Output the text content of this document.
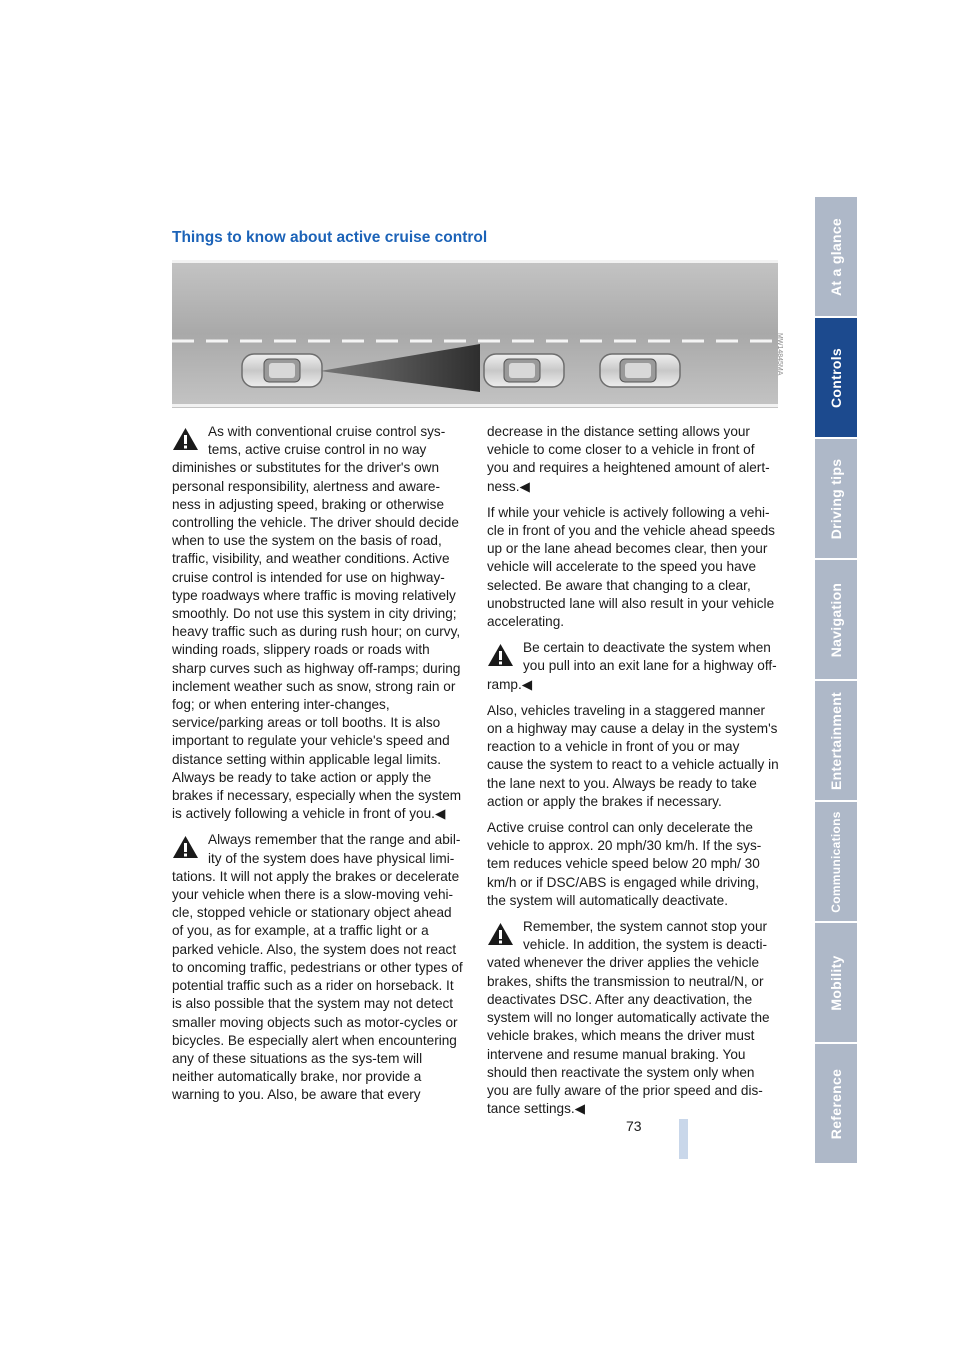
At a glance
Controls
Driving tips
Navigation
Entertainment
Communications
Mobility
Reference
Things to know about active cruise control
MW14845MA
As with conventional cruise control sys-tems, active cruise control in no way diminishes or substitutes for the driver's own personal responsibility, alertness and aware-ness in adjusting speed, braking or otherwise controlling the vehicle. The driver should decide when to use the system on the basis of road, traffic, visibility, and weather conditions. Active cruise control is intended for use on highway-type roadways where traffic is moving relatively smoothly. Do not use this system in city driving; heavy traffic such as during rush hour; on curvy, winding roads, slippery roads or roads with sharp curves such as highway off-ramps; during inclement weather such as snow, strong rain or fog; or when entering inter-changes, service/parking areas or toll booths. It is also important to regulate your vehicle's speed and distance setting within applicable legal limits. Always be ready to take action or apply the brakes if necessary, especially when the system is actively following a vehicle in front of you.◀
Always remember that the range and abil-ity of the system does have physical limi-tations. It will not apply the brakes or decelerate your vehicle when there is a slow-moving vehi-cle, stopped vehicle or stationary object ahead of you, as for example, at a traffic light or a parked vehicle. Also, the system does not react to oncoming traffic, pedestrians or other types of potential traffic such as a rider on horseback. It is also possible that the system may not detect smaller moving objects such as motor-cycles or bicycles. Be especially alert when encountering any of these situations as the sys-tem will neither automatically brake, nor provide a warning to you. Also, be aware that every

decrease in the distance setting allows your vehicle to come closer to a vehicle in front of you and requires a heightened amount of alert-ness.◀

If while your vehicle is actively following a vehi-cle in front of you and the vehicle ahead speeds up or the lane ahead becomes clear, then your vehicle will accelerate to the speed you have selected. Be aware that changing to a clear, unobstructed lane will also result in your vehicle accelerating.

Be certain to deactivate the system when you pull into an exit lane for a highway off-ramp.◀

Also, vehicles traveling in a staggered manner on a highway may cause a delay in the system's reaction to a vehicle in front of you or may cause the system to react to a vehicle actually in the lane next to you. Always be ready to take action or apply the brakes if necessary.

Active cruise control can only decelerate the vehicle to approx. 20 mph/30 km/h. If the sys-tem reduces vehicle speed below 20 mph/ 30 km/h or if DSC/ABS is engaged while driving, the system will automatically deactivate.

Remember, the system cannot stop your vehicle. In addition, the system is deacti-vated whenever the driver applies the vehicle brakes, shifts the transmission to neutral/N, or deactivates DSC. After any deactivation, the system will no longer automatically activate the vehicle brakes, which means the driver must intervene and resume manual braking. You should then reactivate the system only when you are fully aware of the prior speed and dis-tance settings.◀
73
